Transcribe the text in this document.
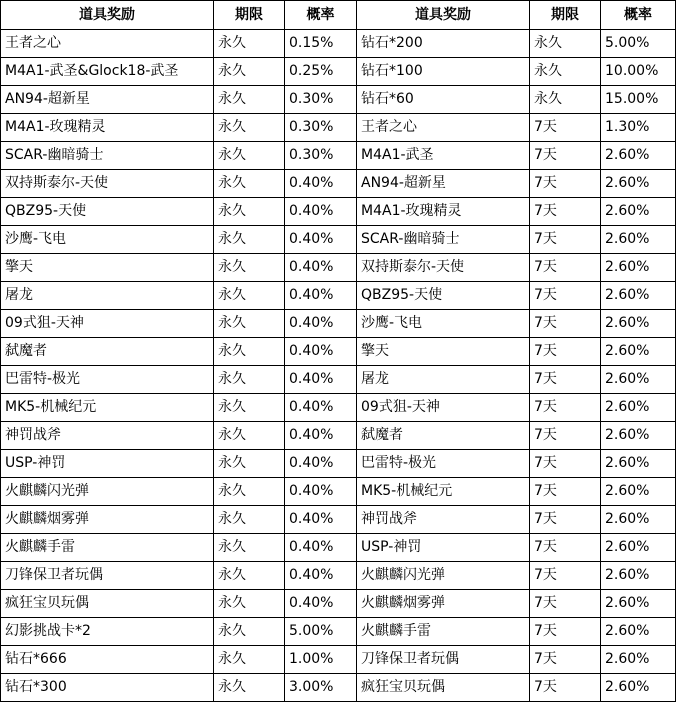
道具奖励	期限	概率	道具奖励	期限	概率
王者之心	永久	0.15%	钻石*200	永久	5.00%
M4A1-武圣&Glock18-武圣	永久	0.25%	钻石*100	永久	10.00%
AN94-超新星	永久	0.30%	钻石*60	永久	15.00%
M4A1-玫瑰精灵	永久	0.30%	王者之心	7天	1.30%
SCAR-幽暗骑士	永久	0.30%	M4A1-武圣	7天	2.60%
双持斯泰尔-天使	永久	0.40%	AN94-超新星	7天	2.60%
QBZ95-天使	永久	0.40%	M4A1-玫瑰精灵	7天	2.60%
沙鹰-飞电	永久	0.40%	SCAR-幽暗骑士	7天	2.60%
擎天	永久	0.40%	双持斯泰尔-天使	7天	2.60%
屠龙	永久	0.40%	QBZ95-天使	7天	2.60%
09式狙-天神	永久	0.40%	沙鹰-飞电	7天	2.60%
弑魔者	永久	0.40%	擎天	7天	2.60%
巴雷特-极光	永久	0.40%	屠龙	7天	2.60%
MK5-机械纪元	永久	0.40%	09式狙-天神	7天	2.60%
神罚战斧	永久	0.40%	弑魔者	7天	2.60%
USP-神罚	永久	0.40%	巴雷特-极光	7天	2.60%
火麒麟闪光弹	永久	0.40%	MK5-机械纪元	7天	2.60%
火麒麟烟雾弹	永久	0.40%	神罚战斧	7天	2.60%
火麒麟手雷	永久	0.40%	USP-神罚	7天	2.60%
刀锋保卫者玩偶	永久	0.40%	火麒麟闪光弹	7天	2.60%
疯狂宝贝玩偶	永久	0.40%	火麒麟烟雾弹	7天	2.60%
幻影挑战卡*2	永久	5.00%	火麒麟手雷	7天	2.60%
钻石*666	永久	1.00%	刀锋保卫者玩偶	7天	2.60%
钻石*300	永久	3.00%	疯狂宝贝玩偶	7天	2.60%
